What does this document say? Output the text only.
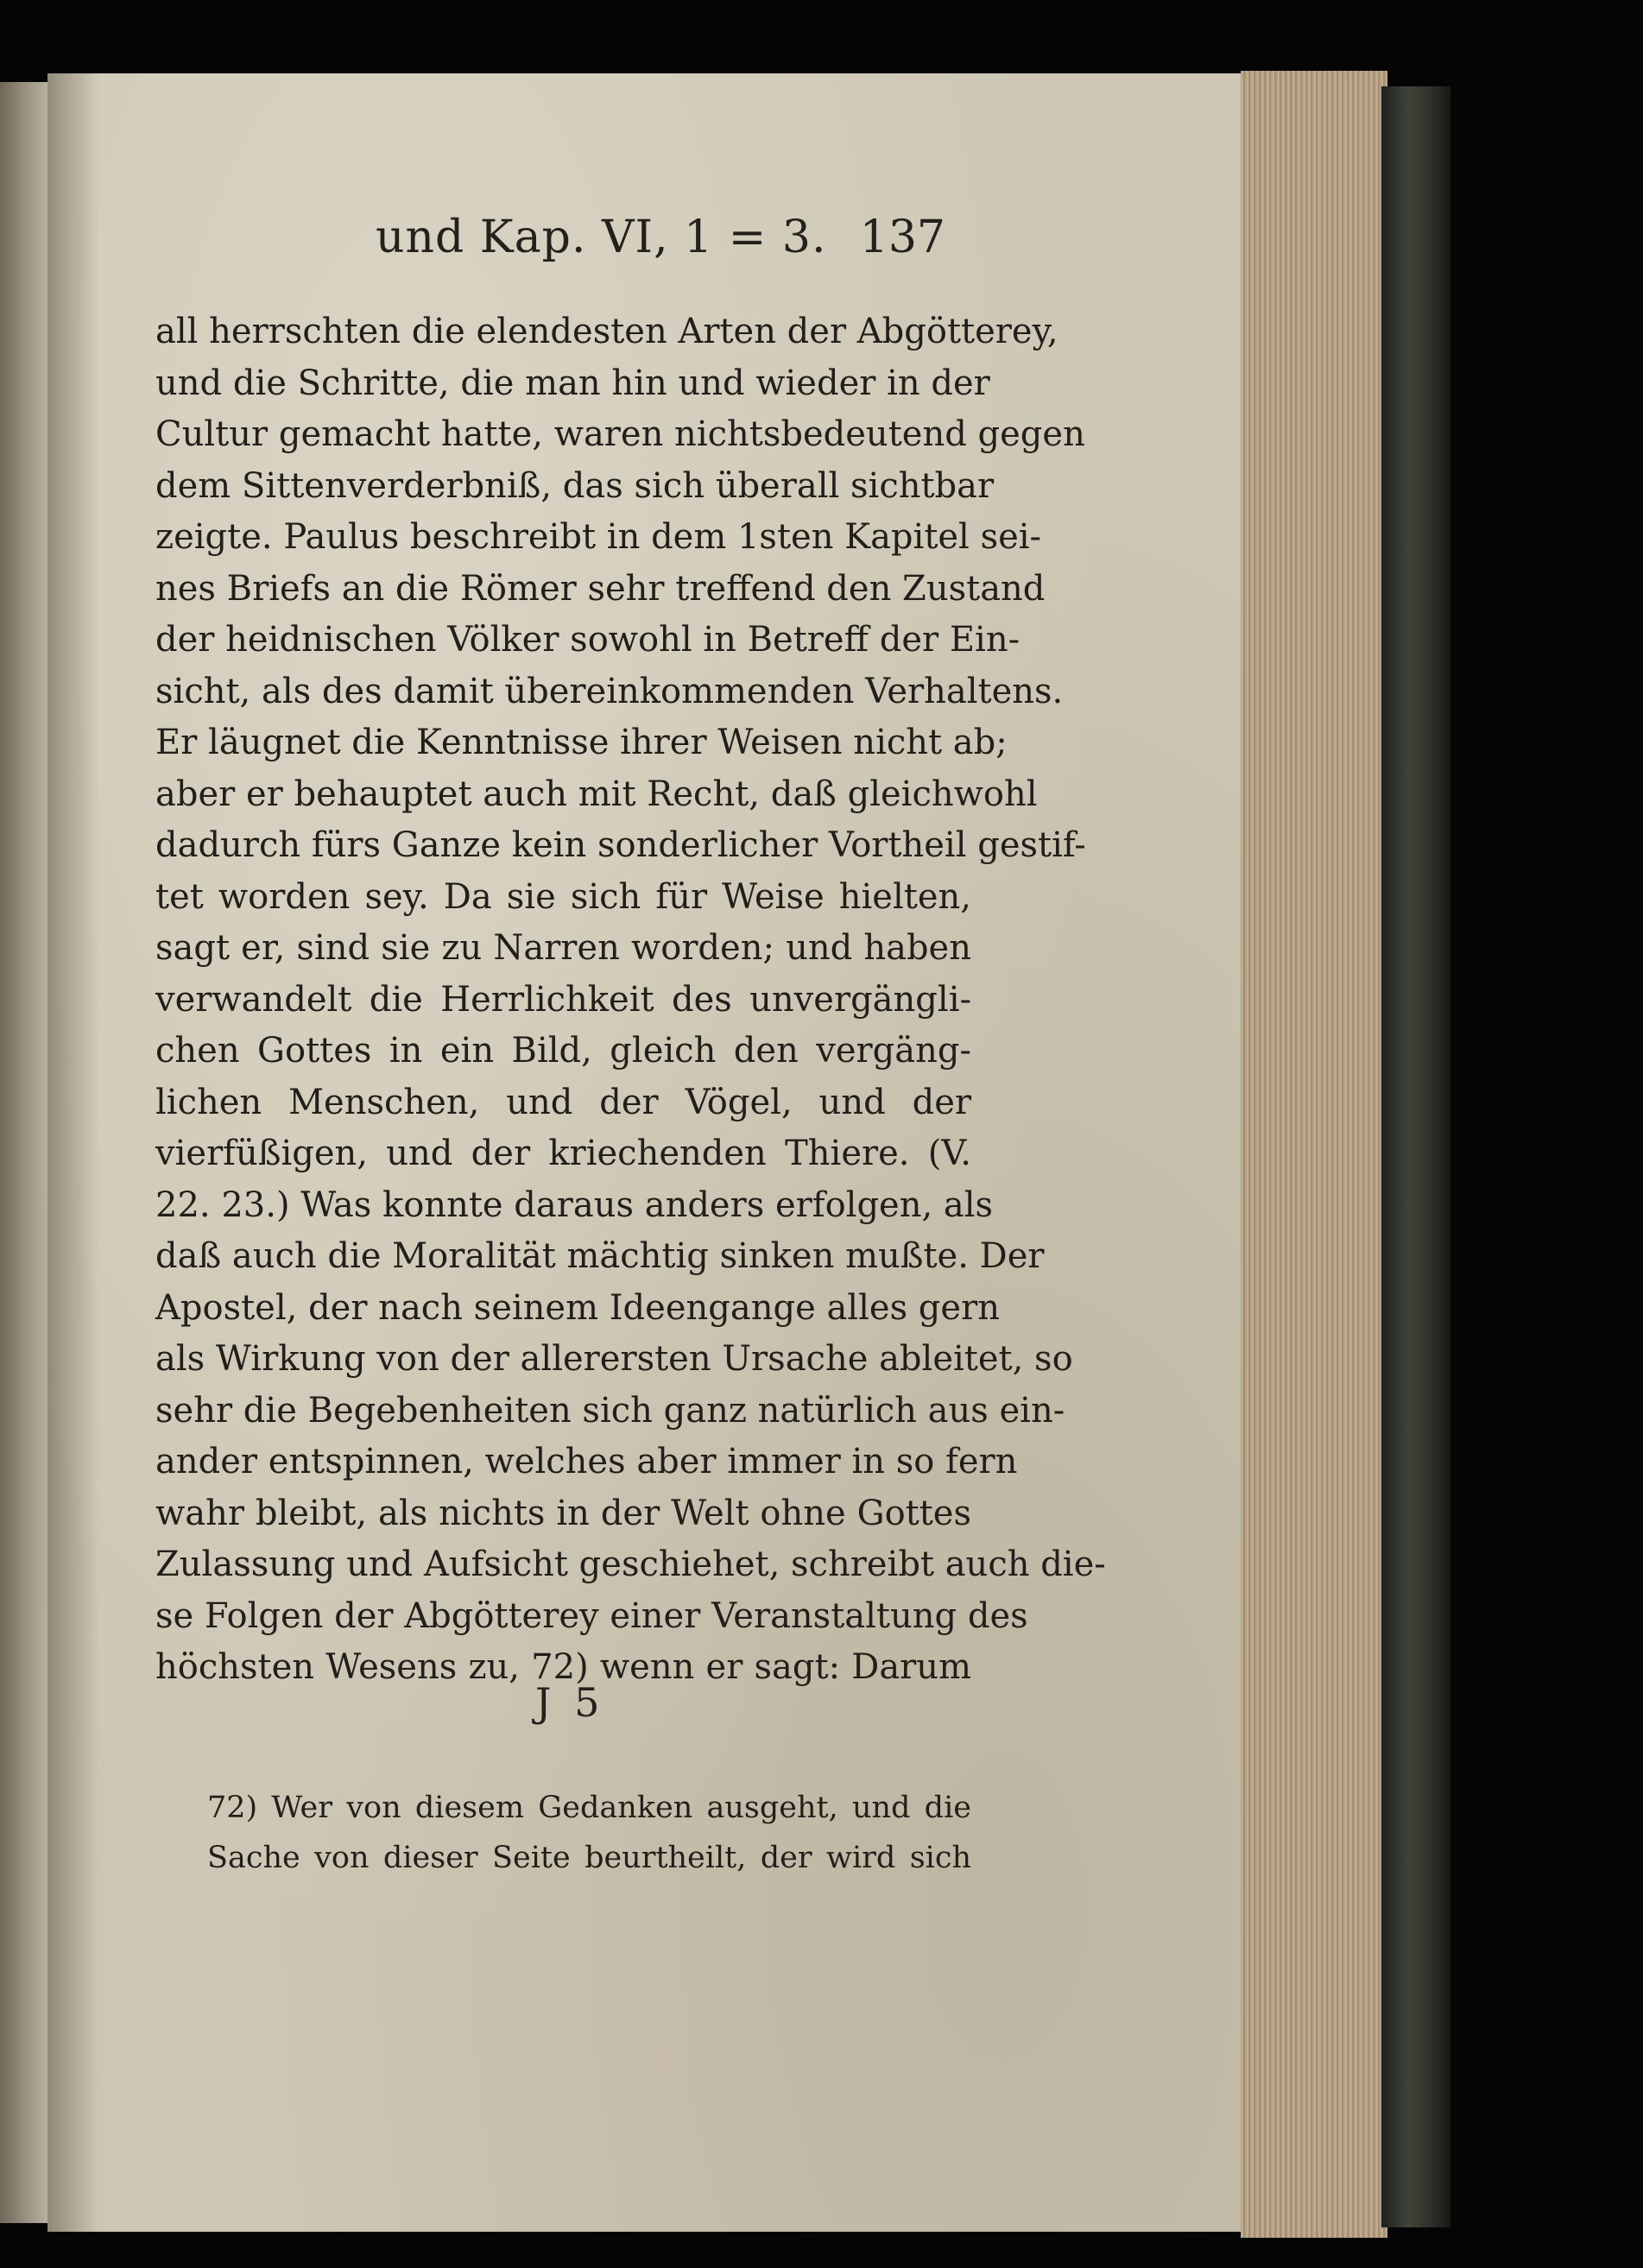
und Kap. VI, 1 = 3. 137
all herrschten die elendesten Arten der Abgötterey,
und die Schritte, die man hin und wieder in der
Cultur gemacht hatte, waren nichtsbedeutend gegen
dem Sittenverderbniß, das sich überall sichtbar
zeigte. Paulus beschreibt in dem 1sten Kapitel sei-
nes Briefs an die Römer sehr treffend den Zustand
der heidnischen Völker sowohl in Betreff der Ein-
sicht, als des damit übereinkommenden Verhaltens.
Er läugnet die Kenntnisse ihrer Weisen nicht ab;
aber er behauptet auch mit Recht, daß gleichwohl
dadurch fürs Ganze kein sonderlicher Vortheil gestif-
tet worden sey. Da sie sich für Weise hielten,
sagt er, sind sie zu Narren worden; und haben
verwandelt die Herrlichkeit des unvergängli-
chen Gottes in ein Bild, gleich den vergäng-
lichen Menschen, und der Vögel, und der
vierfüßigen, und der kriechenden Thiere. (V.
22. 23.) Was konnte daraus anders erfolgen, als
daß auch die Moralität mächtig sinken mußte. Der
Apostel, der nach seinem Ideengange alles gern
als Wirkung von der allerersten Ursache ableitet, so
sehr die Begebenheiten sich ganz natürlich aus ein-
ander entspinnen, welches aber immer in so fern
wahr bleibt, als nichts in der Welt ohne Gottes
Zulassung und Aufsicht geschiehet, schreibt auch die-
se Folgen der Abgötterey einer Veranstaltung des
höchsten Wesens zu, 72) wenn er sagt: Darum
J 5
72) Wer von diesem Gedanken ausgeht, und die
Sache von dieser Seite beurtheilt, der wird sich
